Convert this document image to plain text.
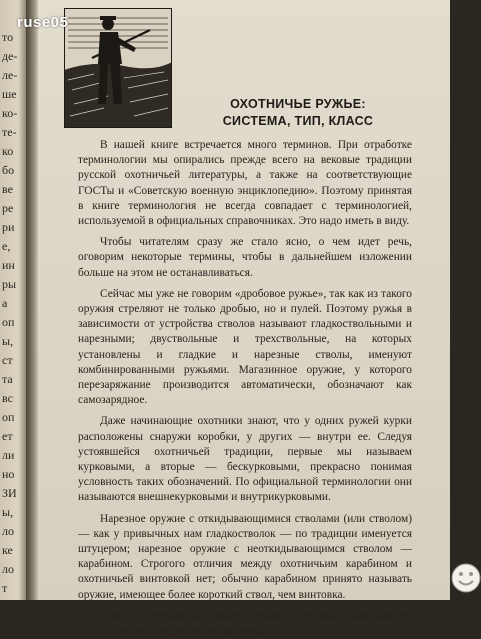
то
де-
ле-
ше
ко-
те-
ко
бо
ве
ре
ри
е,
ин
ры
а
оп
ы,
ст
та
вс
оп
ет
ли
но
ЗИ
ы,
ло
ке
ло
т
ОХОТНИЧЬЕ РУЖЬЕ:
СИСТЕМА, ТИП, КЛАСС

В нашей книге встречается много терминов. При отработке терминологии мы опирались прежде всего на вековые традиции русской охотничьей литературы, а также на соответствующие ГОСТы и «Советскую военную энциклопедию». Поэтому принятая в книге терминология не всегда совпадает с терминологией, используемой в официальных справочниках. Это надо иметь в виду.

Чтобы читателям сразу же стало ясно, о чем идет речь, оговорим некоторые термины, чтобы в дальнейшем изложении больше на этом не останавливаться.

Сейчас мы уже не говорим «дробовое ружье», так как из такого оружия стреляют не только дробью, но и пулей. Поэтому ружья в зависимости от устройства стволов называют гладкоствольными и нарезными; двуствольные и трехствольные, на которых установлены и гладкие и нарезные стволы, именуют комбинированными ружьями. Магазинное оружие, у которого перезаряжание производится автоматически, обозначают как самозарядное.

Даже начинающие охотники знают, что у одних ружей курки расположены снаружи коробки, у других — внутри ее. Следуя устоявшейся охотничьей традиции, первые мы называем курковыми, а вторые — бескурковыми, прекрасно понимая условность таких обозначений. По официальной терминологии они называются внешнекурковыми и внутрикурковыми.

Нарезное оружие с откидывающимися стволами (или стволом) — как у привычных нам гладкостволок — по традиции именуется штуцером; нарезное оружие с неоткидывающимся стволом — карабином. Строгого отличия между охотничьим карабином и охотничьей винтовкой нет; обычно карабином принято называть оружие, имеющее более короткий ствол, чем винтовка.

Говоря о делении охотничьего оружия на группы в зависимости от его калибра, гладкоствольные ружья

ruse05
